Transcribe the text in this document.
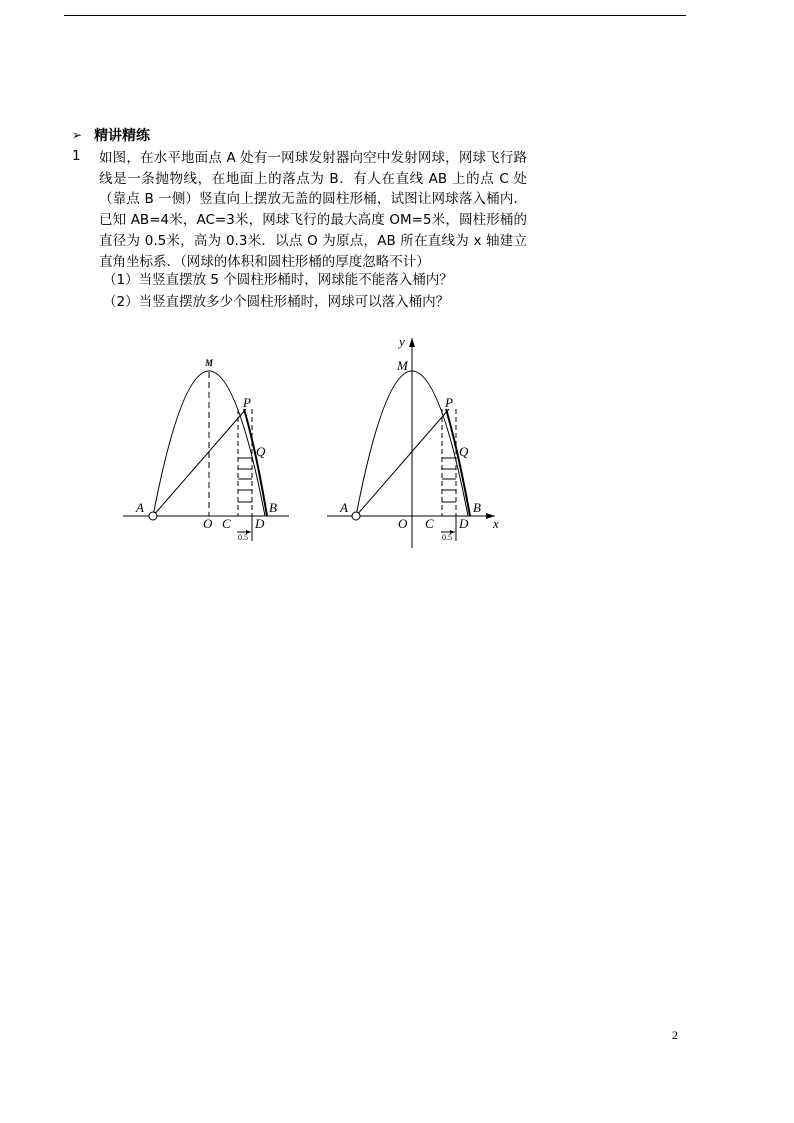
➢ 精讲精练
1 如图，在水平地面点 A 处有一网球发射器向空中发射网球，网球飞行路线是一条抛物线，在地面上的落点为 B．有人在直线 AB 上的点 C 处（靠点 B 一侧）竖直向上摆放无盖的圆柱形桶，试图让网球落入桶内．已知 AB=4米，AC=3米，网球飞行的最大高度 OM=5米，圆柱形桶的直径为 0.5米，高为 0.3米．以点 O 为原点，AB 所在直线为 x 轴建立直角坐标系．（网球的体积和圆柱形桶的厚度忽略不计）

（1）当竖直摆放 5 个圆柱形桶时，网球能不能落入桶内？
（2）当竖直摆放多少个圆柱形桶时，网球可以落入桶内？
M
P
Q
A
O C D
B
0.5
y
M
P
Q
A
O C D
B
x
0.5
2
